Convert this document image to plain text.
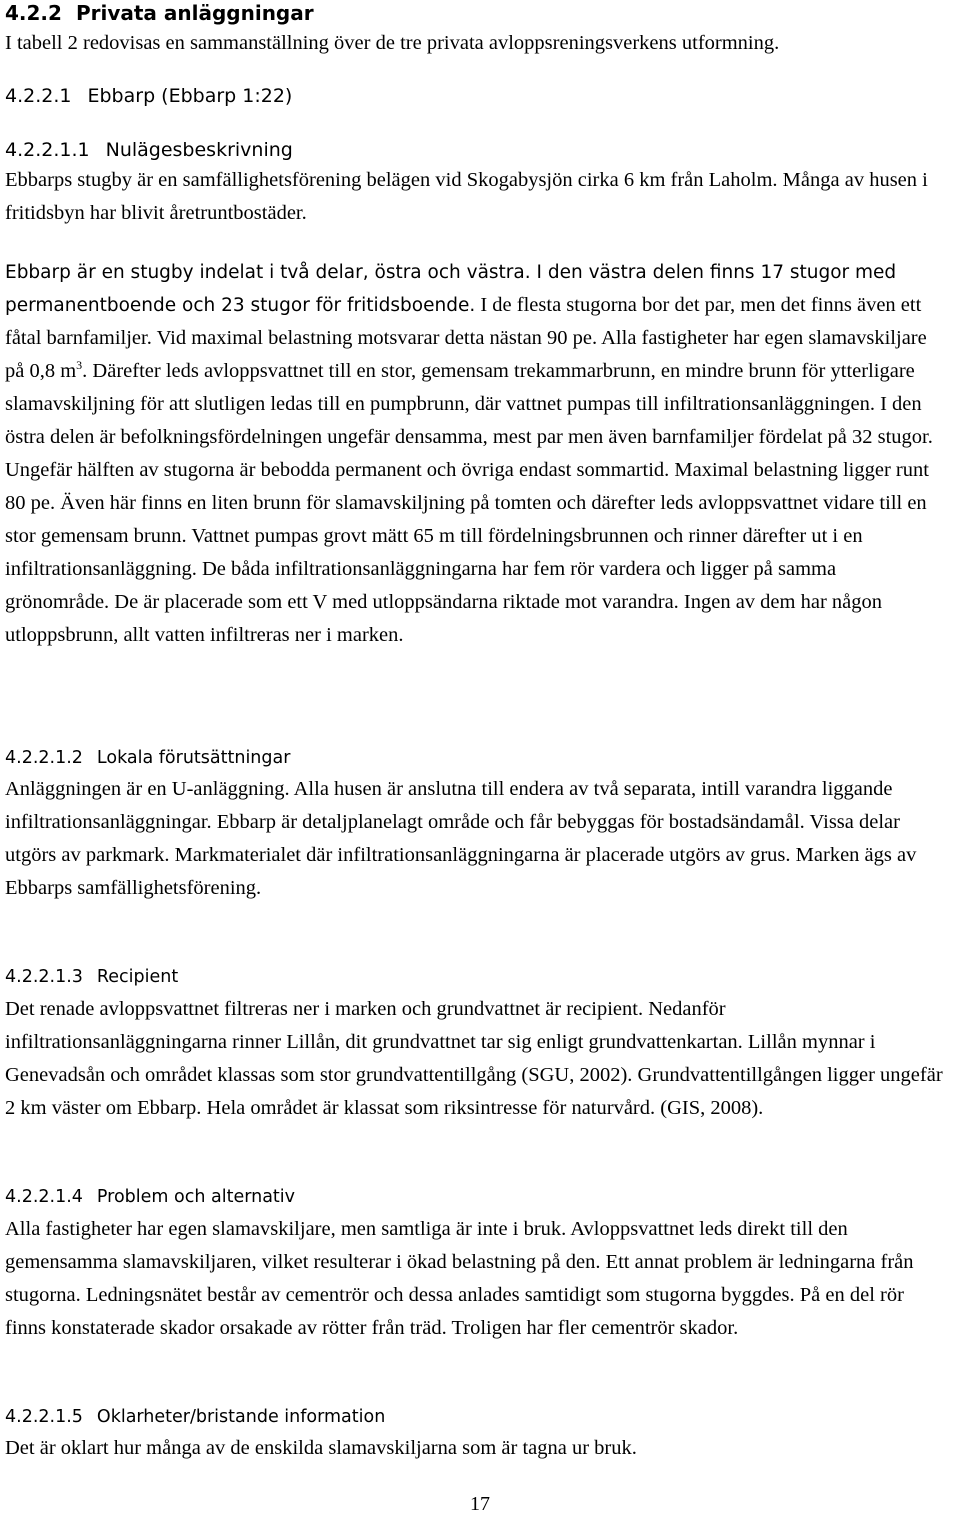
4.2.2 Privata anläggningar

I tabell 2 redovisas en sammanställning över de tre privata avloppsreningsverkens utformning.

4.2.2.1 Ebbarp (Ebbarp 1:22)
4.2.2.1.1 Nulägesbeskrivning

Ebbarps stugby är en samfällighetsförening belägen vid Skogabysjön cirka 6 km från Laholm. Många av husen i fritidsbyn har blivit åretruntbostäder.

Ebbarp är en stugby indelat i två delar, östra och västra. I den västra delen finns 17 stugor med permanentboende och 23 stugor för fritidsboende. I de flesta stugorna bor det par, men det finns även ett fåtal barnfamiljer. Vid maximal belastning motsvarar detta nästan 90 pe. Alla fastigheter har egen slamavskiljare på 0,8 $m^3$. Därefter leds avloppsvattnet till en stor, gemensam trekammarbrunn, en mindre brunn för ytterligare slamavskiljning för att slutligen ledas till en pumpbrunn, där vattnet pumpas till infiltrationsanläggningen. I den östra delen är befolkningsfördelningen ungefär densamma, mest par men även barnfamiljer fördelat på 32 stugor. Ungefär hälften av stugorna är bebodda permanent och övriga endast sommartid. Maximal belastning ligger runt 80 pe. Även här finns en liten brunn för slamavskiljning på tomten och därefter leds avloppsvattnet vidare till en stor gemensam brunn. Vattnet pumpas grovt mätt 65 m till fördelningsbrunnen och rinner därefter ut i en infiltrationsanläggning. De båda infiltrationsanläggningarna har fem rör vardera och ligger på samma grönområde. De är placerade som ett V med utloppsändarna riktade mot varandra. Ingen av dem har någon utloppsbrunn, allt vatten infiltreras ner i marken.

4.2.2.1.2 Lokala förutsättningar

Anläggningen är en U-anläggning. Alla husen är anslutna till endera av två separata, intill varandra liggande infiltrationsanläggningar. Ebbarp är detaljplanelagt område och får bebyggas för bostadsändamål. Vissa delar utgörs av parkmark. Markmaterialet där infiltrationsanläggningarna är placerade utgörs av grus. Marken ägs av Ebbarps samfällighetsförening.

4.2.2.1.3 Recipient

Det renade avloppsvattnet filtreras ner i marken och grundvattnet är recipient. Nedanför infiltrationsanläggningarna rinner Lillån, dit grundvattnet tar sig enligt grundvattenkartan. Lillån mynnar i Genevadsån och området klassas som stor grundvattentillgång (SGU, 2002). Grundvattentillgången ligger ungefär 2 km väster om Ebbarp. Hela området är klassat som riksintresse för naturvård. (GIS, 2008).

4.2.2.1.4 Problem och alternativ

Alla fastigheter har egen slamavskiljare, men samtliga är inte i bruk. Avloppsvattnet leds direkt till den gemensamma slamavskiljaren, vilket resulterar i ökad belastning på den. Ett annat problem är ledningarna från stugorna. Ledningsnätet består av cementrör och dessa anlades samtidigt som stugorna byggdes. På en del rör finns konstaterade skador orsakade av rötter från träd. Troligen har fler cementrör skador.

4.2.2.1.5 Oklarheter/bristande information

Det är oklart hur många av de enskilda slamavskiljarna som är tagna ur bruk.

17
